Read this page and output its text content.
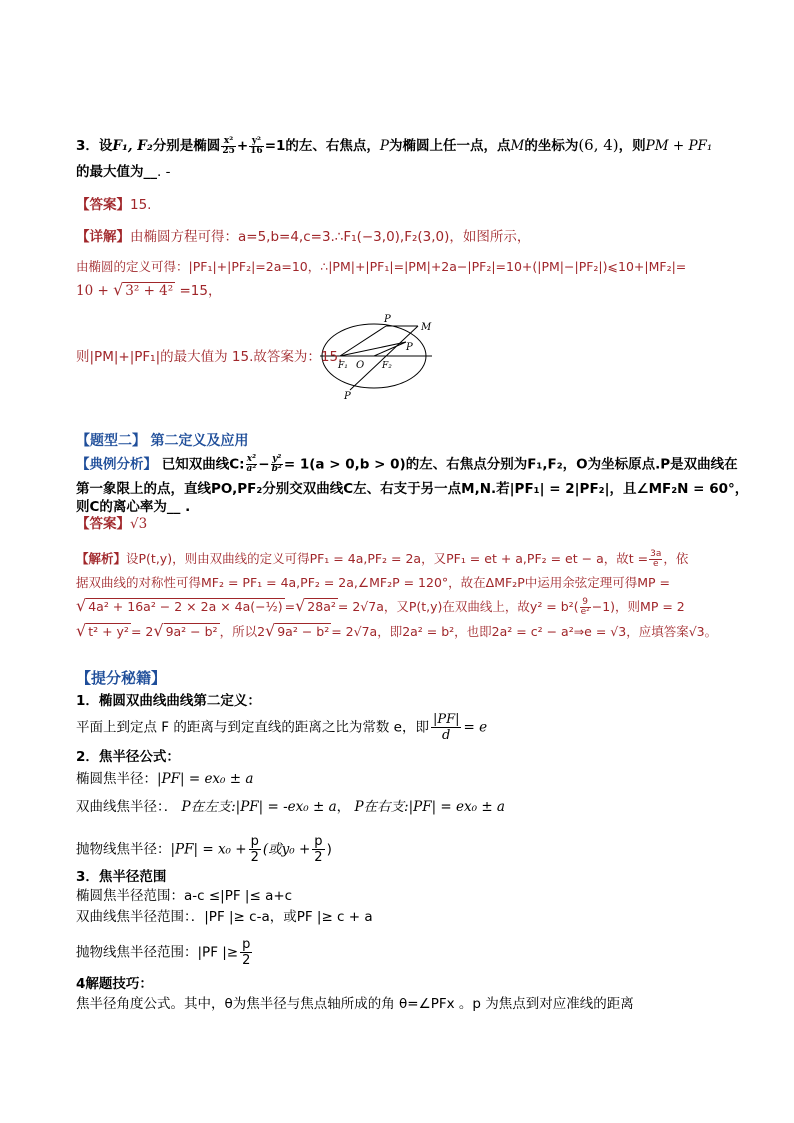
3．设F₁, F₂分别是椭圆 $\frac{\text{x²}}{25} + \frac{\text{y²}}{16} =1$的左、右焦点，P为椭圆上任一点，点M的坐标为(6, 4)，则PM + PF₁
的最大值为__. -
【答案】15.
【详解】由椭圆方程可得：a=5,b=4,c=3.∴F₁(−3,0),F₂(3,0)，如图所示，
由椭圆的定义可得：|PF₁|+|PF₂|=2a=10，∴|PM|+|PF₁|=|PM|+2a−|PF₂|=10+(|PM|−|PF₂|)⩽10+|MF₂|=
10 + √ 3² + 4² =15，
P
M
P
F₁ O F₂
P
则|PM|+|PF₁|的最大值为 15.故答案为：15.
【题型二】 第二定义及应用
【典例分析】 已知双曲线C: $\frac{\text{x²}}{\text{a²}} - \frac{\text{y²}}{\text{b²}} = 1(a > 0,b > 0)$的左、右焦点分别为F₁,F₂，O为坐标原点.P是双曲线在
第一象限上的点，直线PO,PF₂分别交双曲线C左、右支于另一点M,N.若|PF₁| = 2|PF₂|，且∠MF₂N = 60°，
则C的离心率为__ .
【答案】√3
【解析】设P(t,y)，则由双曲线的定义可得PF₁ = 4a,PF₂ = 2a，又PF₁ = et + a,PF₂ = et − a，故$t = \frac{3a}{e}$ ，依
据双曲线的对称性可得MF₂ = PF₁ = 4a,PF₂ = 2a,∠MF₂P = 120°，故在ΔMF₂P中运用余弦定理可得MP =
√ 4a² + 16a² − 2 × 2a × 4a(−½) =√ 28a² = 2√7a，又P(t,y)在双曲线上，故$y^2 = b^2( \frac{9}{\text{e²}} -1)$，则MP = 2
√ t² + y² = 2√ 9a² − b² ，所以2√ 9a² − b² = 2√7a，即2a² = b²，也即2a² = c² − a²⇒e = √3，应填答案√3。
【提分秘籍】
1．椭圆双曲线曲线第二定义：
平面上到定点 F 的距离与到定直线的距离之比为常数 e，即 $\frac{|PF|}{d} = e$
2．焦半径公式：
椭圆焦半径：|PF| = ex₀ ± a
双曲线焦半径：． P在左支:|PF| = -ex₀ ± a， P在右支:|PF| = ex₀ ± a
抛物线焦半径：$|PF| = x_0 + \frac{p}{2}$ (或$y_0 + \frac{p}{2}$ )
3．焦半径范围
椭圆焦半径范围：a-c ≤|PF |≤ a+c
双曲线焦半径范围：．|PF |≥ c-a，或PF |≥ c + a
抛物线焦半径范围：|PF |≥ $\frac{p}{2}$
4解题技巧：
焦半径角度公式。其中，θ为焦半径与焦点轴所成的角 θ=∠PFx 。p 为焦点到对应准线的距离
